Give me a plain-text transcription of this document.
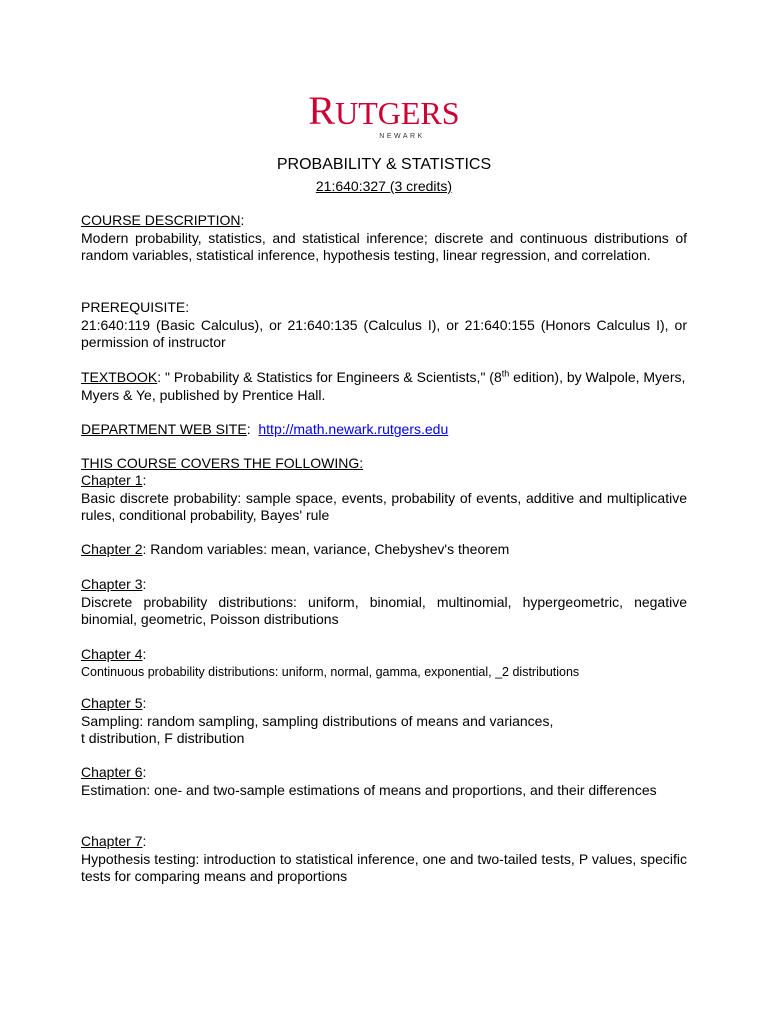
RUTGERS
NEWARK
PROBABILITY & STATISTICS
21:640:327 (3 credits)
COURSE DESCRIPTION:
Modern probability, statistics, and statistical inference; discrete and continuous distributions of random variables, statistical inference, hypothesis testing, linear regression, and correlation.
PREREQUISITE:
21:640:119 (Basic Calculus), or 21:640:135 (Calculus I), or 21:640:155 (Honors Calculus I), or permission of instructor
TEXTBOOK: " Probability & Statistics for Engineers & Scientists," (8th edition), by Walpole, Myers, Myers & Ye, published by Prentice Hall.
DEPARTMENT WEB SITE:  http://math.newark.rutgers.edu
THIS COURSE COVERS THE FOLLOWING:
Chapter 1:
Basic discrete probability: sample space, events, probability of events, additive and multiplicative rules, conditional probability, Bayes' rule
Chapter 2: Random variables: mean, variance, Chebyshev's theorem
Chapter 3:
Discrete probability distributions: uniform, binomial, multinomial, hypergeometric, negative binomial, geometric, Poisson distributions
Chapter 4:
Continuous probability distributions: uniform, normal, gamma, exponential, _2 distributions
Chapter 5:
Sampling: random sampling, sampling distributions of means and variances,
t distribution, F distribution
Chapter 6:
Estimation: one- and two-sample estimations of means and proportions, and their differences
Chapter 7:
Hypothesis testing: introduction to statistical inference, one and two-tailed tests, P values, specific tests for comparing means and proportions
